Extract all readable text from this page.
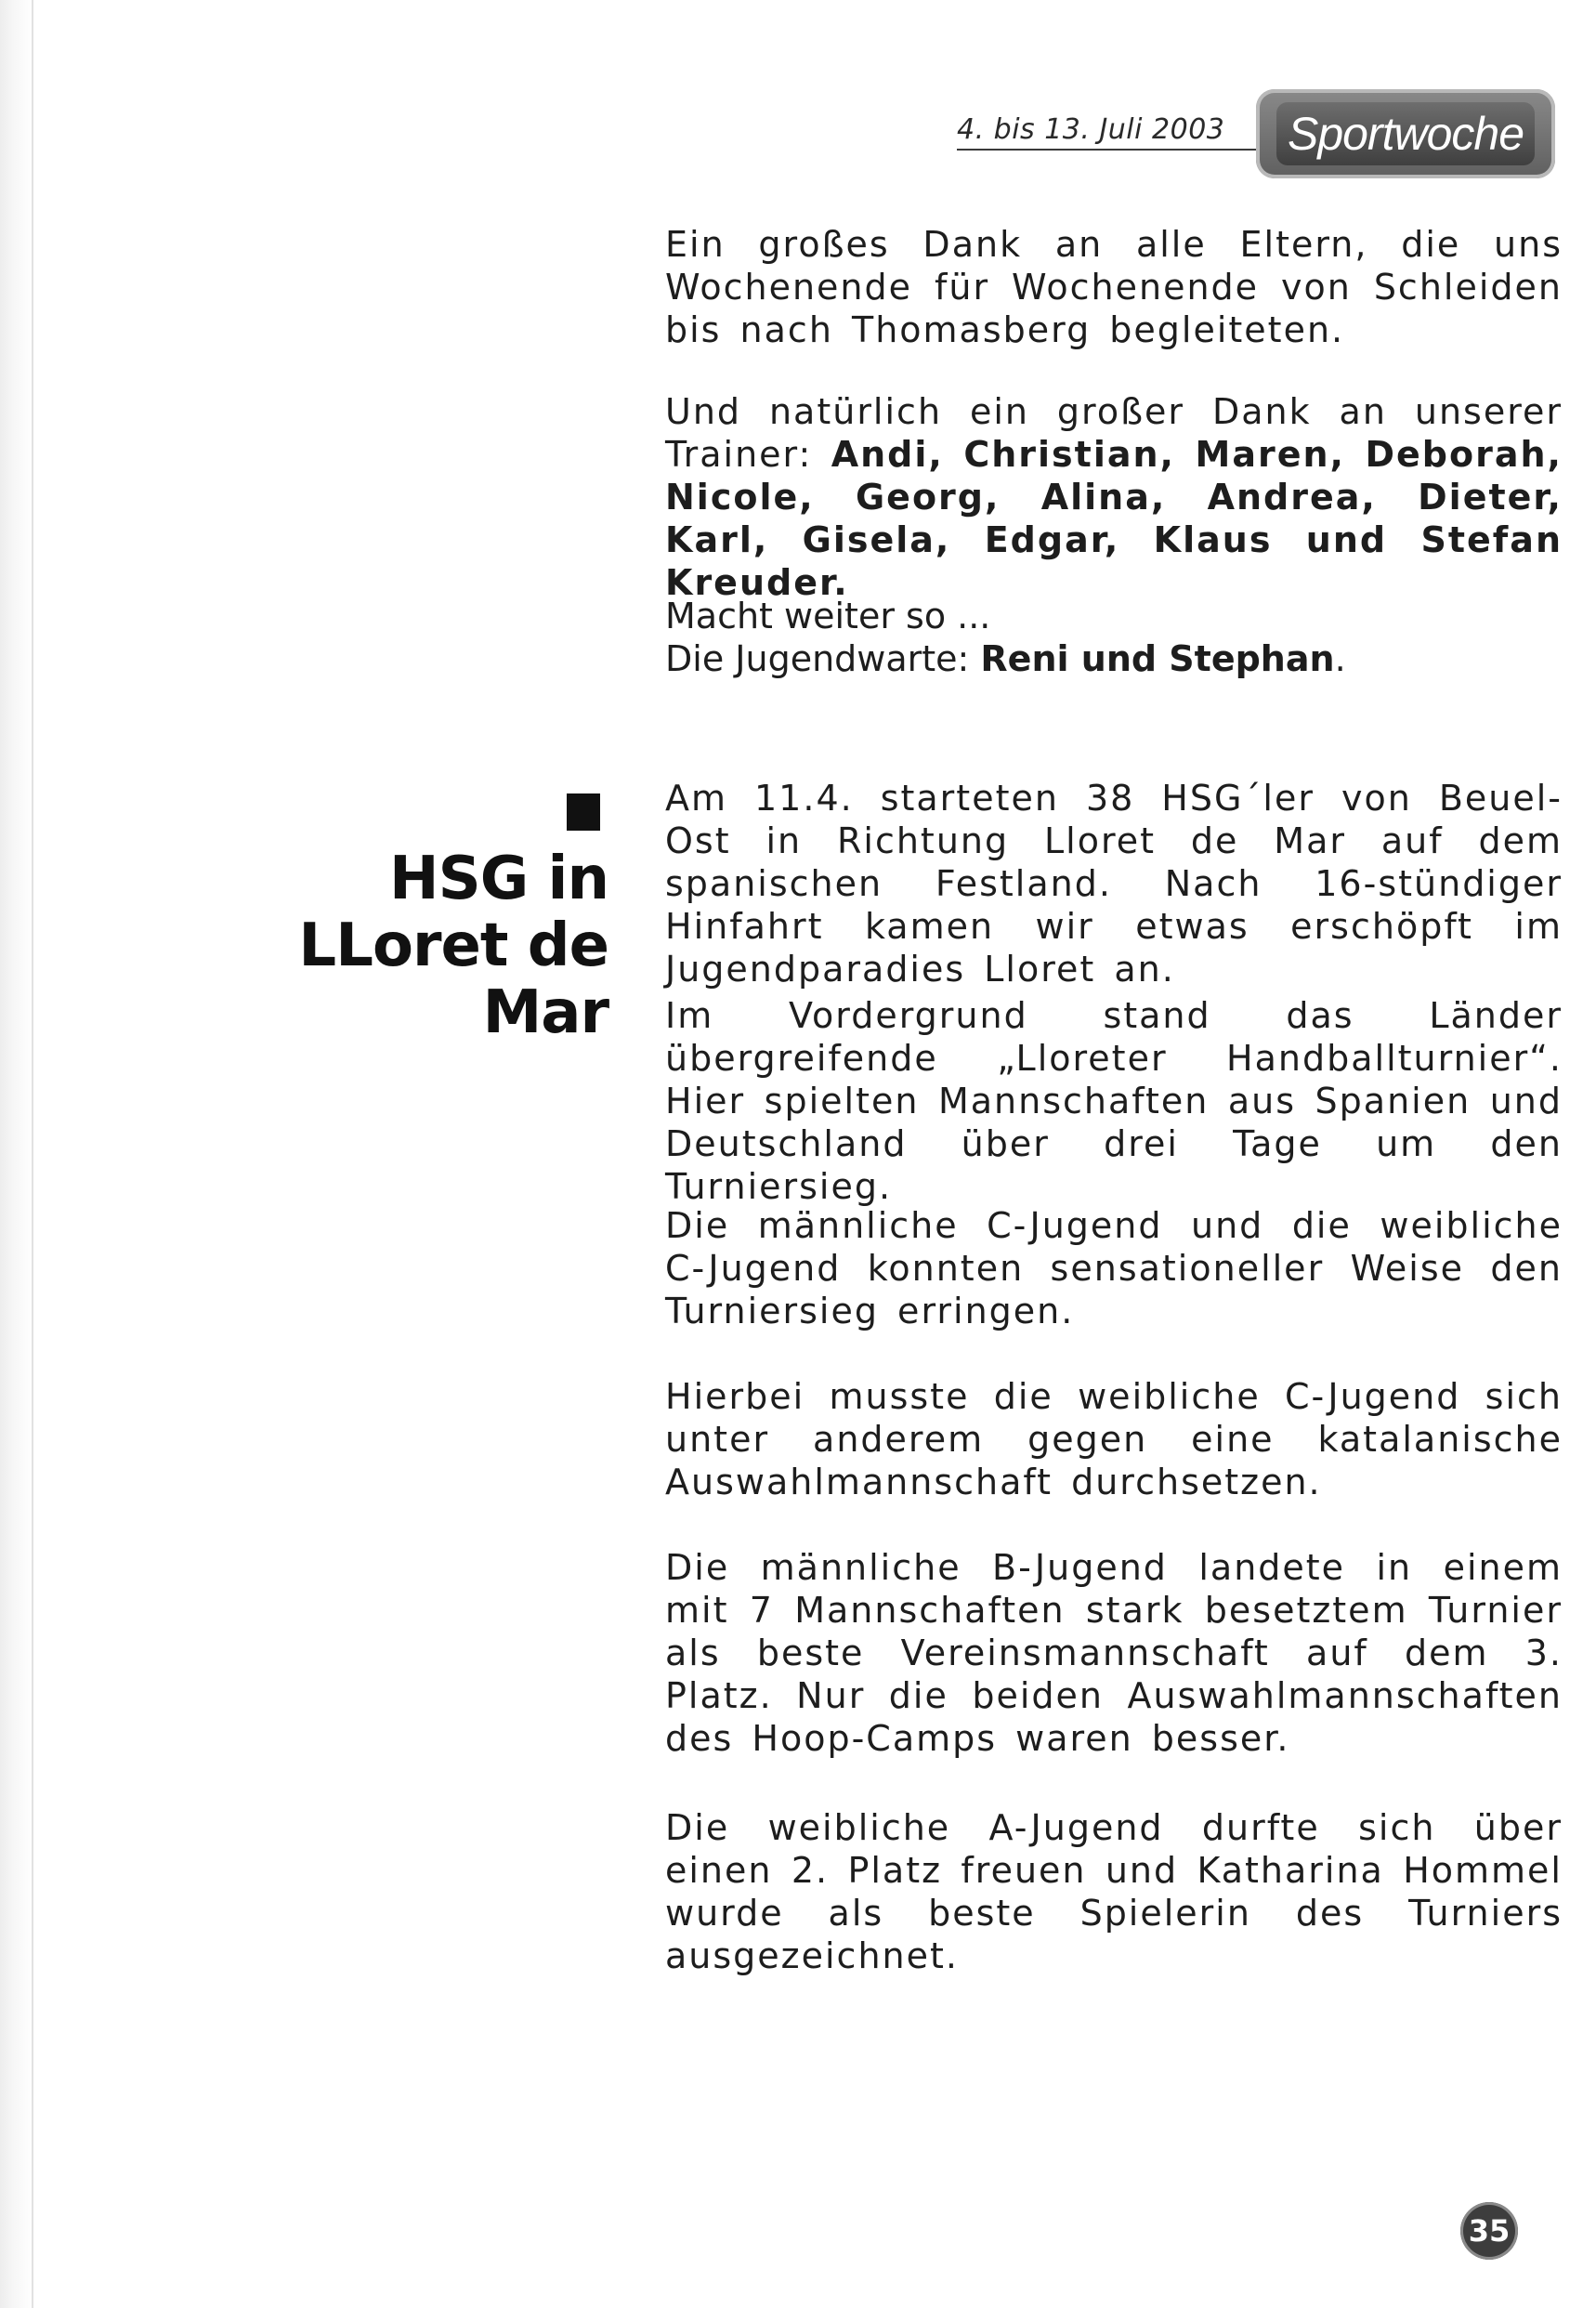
4. bis 13. Juli 2003 Sportwoche

Ein großes Dank an alle Eltern, die uns Wochenende für Wochenende von Schleiden bis nach Thomasberg begleiteten.

Und natürlich ein großer Dank an unserer Trainer: Andi, Christian, Maren, Deborah, Nicole, Georg, Alina, Andrea, Dieter, Karl, Gisela, Edgar, Klaus und Stefan Kreuder.

Macht weiter so ...

Die Jugendwarte: Reni und Stephan.

HSG in
LLoret de
Mar

Am 11.4. starteten 38 HSG´ler von Beuel-Ost in Richtung Lloret de Mar auf dem spanischen Festland. Nach 16-stündiger Hinfahrt kamen wir etwas erschöpft im Jugendparadies Lloret an.

Im Vordergrund stand das Länder übergreifende „Lloreter Handballturnier“. Hier spielten Mannschaften aus Spanien und Deutschland über drei Tage um den Turniersieg.

Die männliche C-Jugend und die weibliche C-Jugend konnten sensationeller Weise den Turniersieg erringen.

Hierbei musste die weibliche C-Jugend sich unter anderem gegen eine katalanische Auswahlmannschaft durchsetzen.

Die männliche B-Jugend landete in einem mit 7 Mannschaften stark besetztem Turnier als beste Vereinsmannschaft auf dem 3. Platz. Nur die beiden Auswahlmannschaften des Hoop-Camps waren besser.

Die weibliche A-Jugend durfte sich über einen 2. Platz freuen und Katharina Hommel wurde als beste Spielerin des Turniers ausgezeichnet.

35
